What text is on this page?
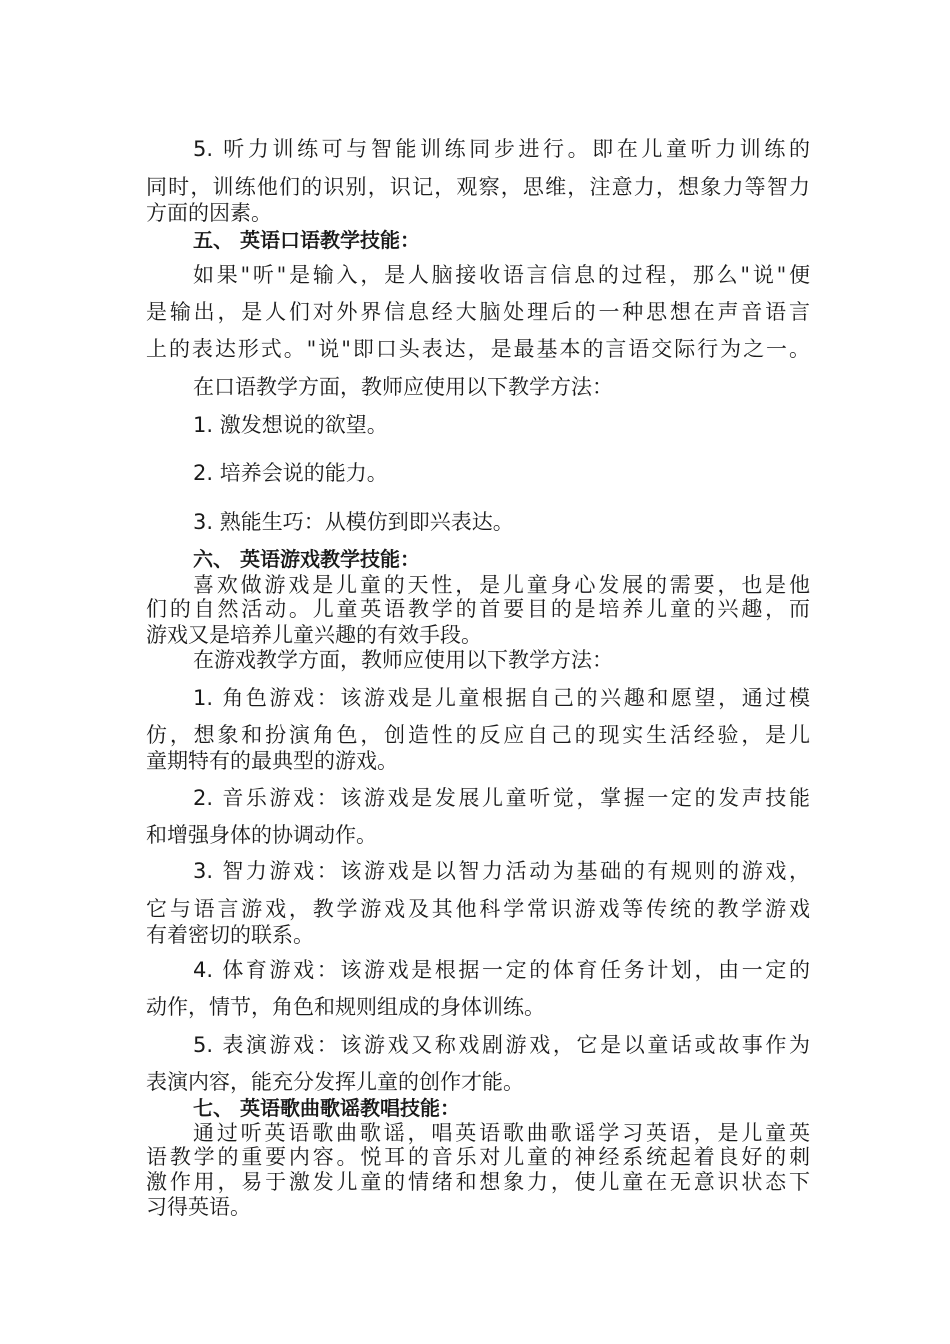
5. 听力训练可与智能训练同步进行。即在儿童听力训练的

同时，训练他们的识别，识记，观察，思维，注意力，想象力等智力

方面的因素。

五、 英语口语教学技能：

如果"听"是输入，是人脑接收语言信息的过程，那么"说"便

是输出，是人们对外界信息经大脑处理后的一种思想在声音语言

上的表达形式。"说"即口头表达，是最基本的言语交际行为之一。

在口语教学方面，教师应使用以下教学方法：

1. 激发想说的欲望。

2. 培养会说的能力。

3. 熟能生巧：从模仿到即兴表达。

六、 英语游戏教学技能：

喜欢做游戏是儿童的天性，是儿童身心发展的需要，也是他

们的自然活动。儿童英语教学的首要目的是培养儿童的兴趣，而

游戏又是培养儿童兴趣的有效手段。

在游戏教学方面，教师应使用以下教学方法：

1. 角色游戏：该游戏是儿童根据自己的兴趣和愿望，通过模

仿，想象和扮演角色，创造性的反应自己的现实生活经验，是儿

童期特有的最典型的游戏。

2. 音乐游戏：该游戏是发展儿童听觉，掌握一定的发声技能

和增强身体的协调动作。

3. 智力游戏：该游戏是以智力活动为基础的有规则的游戏，

它与语言游戏，教学游戏及其他科学常识游戏等传统的教学游戏

有着密切的联系。

4. 体育游戏：该游戏是根据一定的体育任务计划，由一定的

动作，情节，角色和规则组成的身体训练。

5. 表演游戏：该游戏又称戏剧游戏，它是以童话或故事作为

表演内容，能充分发挥儿童的创作才能。

七、 英语歌曲歌谣教唱技能：

通过听英语歌曲歌谣，唱英语歌曲歌谣学习英语，是儿童英

语教学的重要内容。悦耳的音乐对儿童的神经系统起着良好的刺

激作用，易于激发儿童的情绪和想象力，使儿童在无意识状态下

习得英语。
